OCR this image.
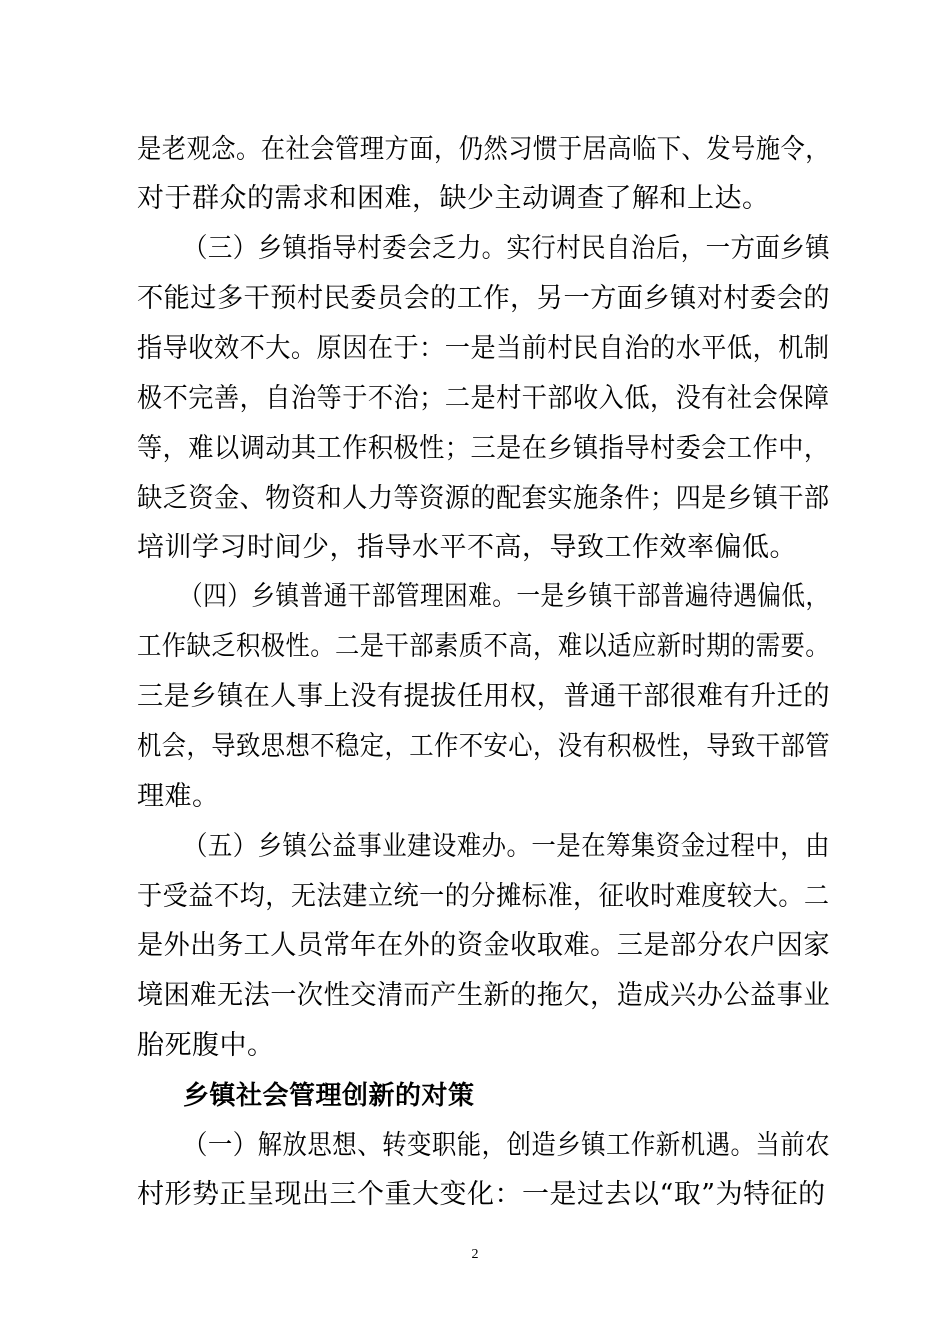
是老观念。在社会管理方面，仍然习惯于居高临下、发号施令，
对于群众的需求和困难，缺少主动调查了解和上达。
（三）乡镇指导村委会乏力。实行村民自治后，一方面乡镇
不能过多干预村民委员会的工作，另一方面乡镇对村委会的
指导收效不大。原因在于：一是当前村民自治的水平低，机制
极不完善，自治等于不治；二是村干部收入低，没有社会保障
等，难以调动其工作积极性；三是在乡镇指导村委会工作中，
缺乏资金、物资和人力等资源的配套实施条件；四是乡镇干部
培训学习时间少，指导水平不高，导致工作效率偏低。
（四）乡镇普通干部管理困难。一是乡镇干部普遍待遇偏低，
工作缺乏积极性。二是干部素质不高，难以适应新时期的需要。
三是乡镇在人事上没有提拔任用权，普通干部很难有升迁的
机会，导致思想不稳定，工作不安心，没有积极性，导致干部管
理难。
（五）乡镇公益事业建设难办。一是在筹集资金过程中，由
于受益不均，无法建立统一的分摊标准，征收时难度较大。二
是外出务工人员常年在外的资金收取难。三是部分农户因家
境困难无法一次性交清而产生新的拖欠，造成兴办公益事业
胎死腹中。
乡镇社会管理创新的对策
（一）解放思想、转变职能，创造乡镇工作新机遇。当前农
村形势正呈现出三个重大变化：一是过去以“取”为特征的
2
